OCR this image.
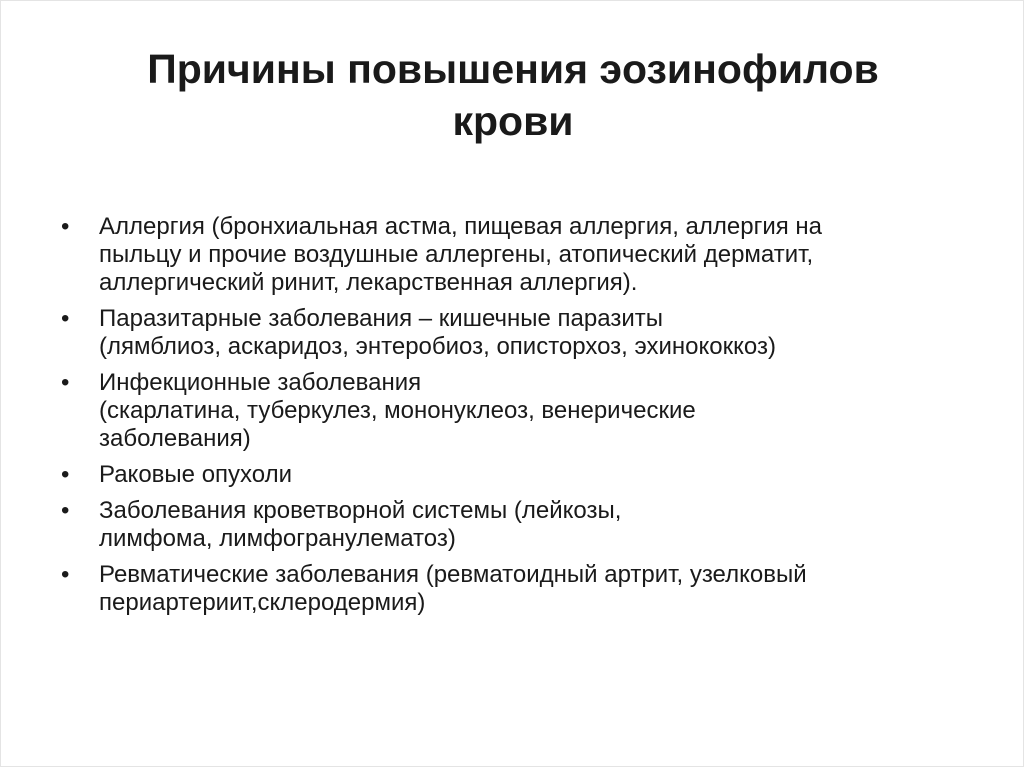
Причины повышения эозинофилов
крови
•	Аллергия (бронхиальная астма, пищевая аллергия, аллергия на
пыльцу и прочие воздушные аллергены, атопический дерматит,
аллергический ринит, лекарственная аллергия).
•	Паразитарные заболевания – кишечные паразиты
(лямблиоз, аскаридоз, энтеробиоз, описторхоз, эхинококкоз)
•	Инфекционные заболевания
(скарлатина, туберкулез, мононуклеоз, венерические
заболевания)
•	Раковые опухоли
•	Заболевания кроветворной системы (лейкозы,
лимфома, лимфогранулематоз)
•	Ревматические заболевания (ревматоидный артрит, узелковый
периартериит,склеродермия)
